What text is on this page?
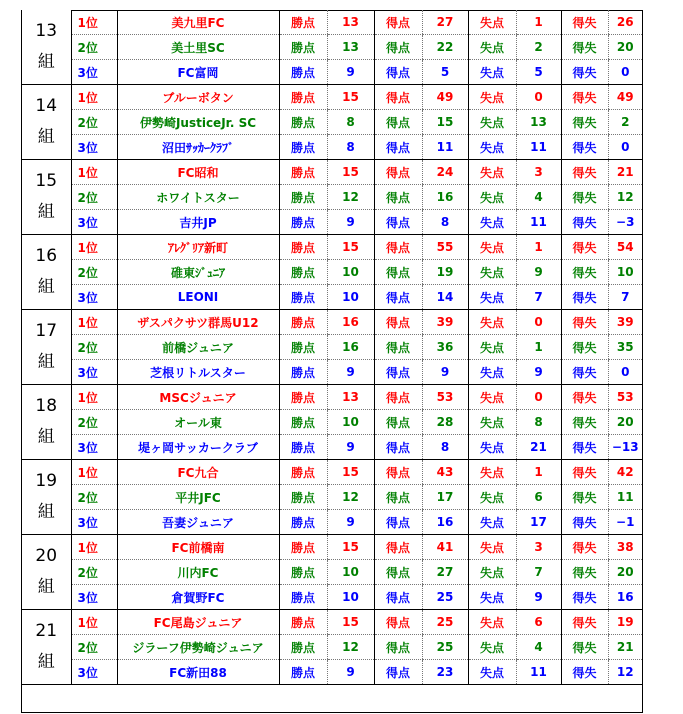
13
組	1位	美九里FC	勝点	13	得点	27	失点	1	得失	26
	2位	美土里SC	勝点	13	得点	22	失点	2	得失	20
	3位	FC富岡	勝点	9	得点	5	失点	5	得失	0

14
組	1位	ブルーボタン	勝点	15	得点	49	失点	0	得失	49
	2位	伊勢崎JusticeJr. SC	勝点	8	得点	15	失点	13	得失	2
	3位	沼田ｻｯｶｰｸﾗﾌﾞ	勝点	8	得点	11	失点	11	得失	0

15
組	1位	FC昭和	勝点	15	得点	24	失点	3	得失	21
	2位	ホワイトスター	勝点	12	得点	16	失点	4	得失	12
	3位	吉井JP	勝点	9	得点	8	失点	11	得失	−3

16
組	1位	ｱﾚｸﾞﾘｱ新町	勝点	15	得点	55	失点	1	得失	54
	2位	碓東ｼﾞｭﾆｱ	勝点	10	得点	19	失点	9	得失	10
	3位	LEONI	勝点	10	得点	14	失点	7	得失	7

17
組	1位	ザスパクサツ群馬U12	勝点	16	得点	39	失点	0	得失	39
	2位	前橋ジュニア	勝点	16	得点	36	失点	1	得失	35
	3位	芝根リトルスター	勝点	9	得点	9	失点	9	得失	0

18
組	1位	MSCジュニア	勝点	13	得点	53	失点	0	得失	53
	2位	オール東	勝点	10	得点	28	失点	8	得失	20
	3位	堤ヶ岡サッカークラブ	勝点	9	得点	8	失点	21	得失	−13

19
組	1位	FC九合	勝点	15	得点	43	失点	1	得失	42
	2位	平井JFC	勝点	12	得点	17	失点	6	得失	11
	3位	吾妻ジュニア	勝点	9	得点	16	失点	17	得失	−1

20
組	1位	FC前橋南	勝点	15	得点	41	失点	3	得失	38
	2位	川内FC	勝点	10	得点	27	失点	7	得失	20
	3位	倉賀野FC	勝点	10	得点	25	失点	9	得失	16

21
組	1位	FC尾島ジュニア	勝点	15	得点	25	失点	6	得失	19
	2位	ジラーフ伊勢崎ジュニア	勝点	12	得点	25	失点	4	得失	21
	3位	FC新田88	勝点	9	得点	23	失点	11	得失	12
